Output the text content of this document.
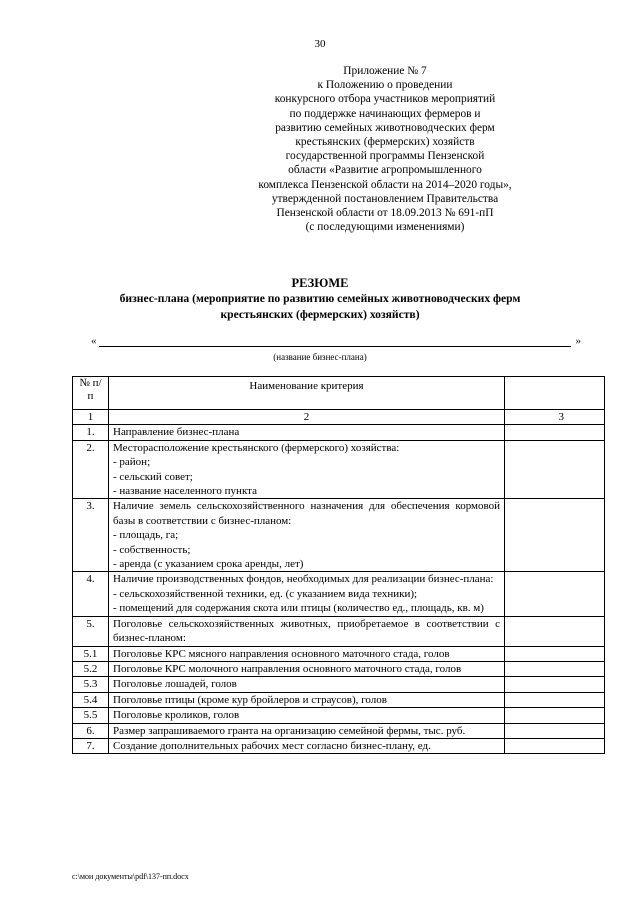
30
Приложение № 7
к Положению о проведении
конкурсного отбора участников мероприятий
по поддержке начинающих фермеров и
развитию семейных животноводческих ферм
крестьянских (фермерских) хозяйств
государственной программы Пензенской
области «Развитие агропромышленного
комплекса Пензенской области на 2014–2020 годы»,
утвержденной постановлением Правительства
Пензенской области от 18.09.2013 № 691-пП
(с последующими изменениями)
РЕЗЮМЕ
бизнес-плана (мероприятие по развитию семейных животноводческих ферм
крестьянских (фермерских) хозяйств)
«	»
(название бизнес-плана)
№ п/п	Наименование критерия	
1	2	3
1.	Направление бизнес-плана	
2.	Месторасположение крестьянского (фермерского) хозяйства:
- район;
- сельский совет;
- название населенного пункта	
3.	Наличие земель сельскохозяйственного назначения для обеспечения кормовой базы в соответствии с бизнес-планом:
- площадь, га;
- собственность;
- аренда (с указанием срока аренды, лет)	
4.	Наличие производственных фондов, необходимых для реализации бизнес-плана:
- сельскохозяйственной техники, ед. (с указанием вида техники);
- помещений для содержания скота или птицы (количество ед., площадь, кв. м)	
5.	Поголовье сельскохозяйственных животных, приобретаемое в соответствии с бизнес-планом:	
5.1	Поголовье КРС мясного направления основного маточного стада, голов	
5.2	Поголовье КРС молочного направления основного маточного стада, голов	
5.3	Поголовье лошадей, голов	
5.4	Поголовье птицы (кроме кур бройлеров и страусов), голов	
5.5	Поголовье кроликов, голов	
6.	Размер запрашиваемого гранта на организацию семейной фермы, тыс. руб.	
7.	Создание дополнительных рабочих мест согласно бизнес-плану, ед.	
c:\мои документы\pdf\137-пп.docx
